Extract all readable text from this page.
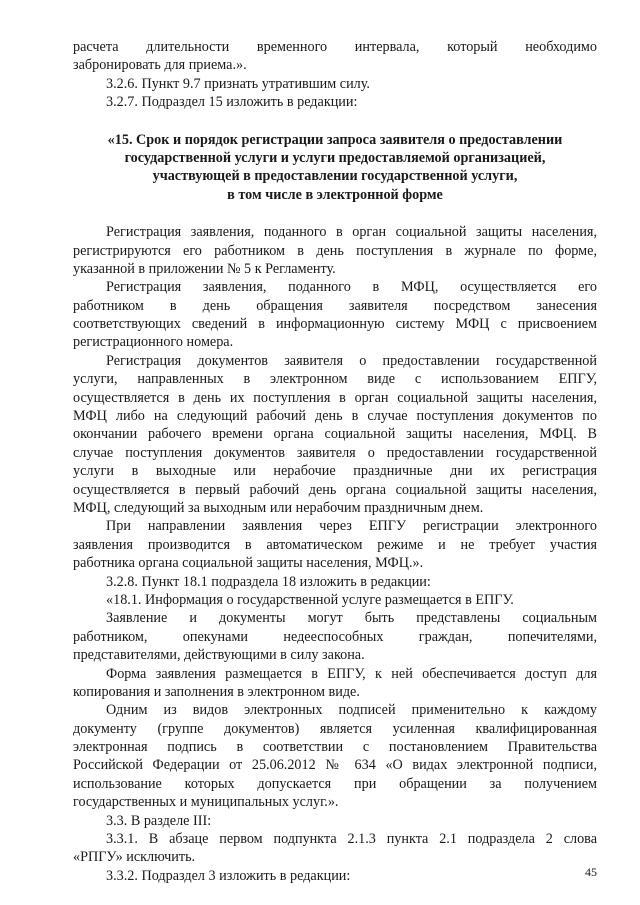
расчета длительности временного интервала, который необходимо
забронировать для приема.».
3.2.6. Пункт 9.7 признать утратившим силу.
3.2.7. Подраздел 15 изложить в редакции:
«15. Срок и порядок регистрации запроса заявителя о предоставлении
государственной услуги и услуги предоставляемой организацией,
участвующей в предоставлении государственной услуги,
в том числе в электронной форме
Регистрация заявления, поданного в орган социальной защиты населения,
регистрируются его работником в день поступления в журнале по форме,
указанной в приложении № 5 к Регламенту.
Регистрация заявления, поданного в МФЦ, осуществляется его
работником в день обращения заявителя посредством занесения
соответствующих сведений в информационную систему МФЦ с присвоением
регистрационного номера.
Регистрация документов заявителя о предоставлении государственной
услуги, направленных в электронном виде с использованием ЕПГУ,
осуществляется в день их поступления в орган социальной защиты населения,
МФЦ либо на следующий рабочий день в случае поступления документов по
окончании рабочего времени органа социальной защиты населения, МФЦ. В
случае поступления документов заявителя о предоставлении государственной
услуги в выходные или нерабочие праздничные дни их регистрация
осуществляется в первый рабочий день органа социальной защиты населения,
МФЦ, следующий за выходным или нерабочим праздничным днем.
При направлении заявления через ЕПГУ регистрации электронного
заявления производится в автоматическом режиме и не требует участия
работника органа социальной защиты населения, МФЦ.».
3.2.8. Пункт 18.1 подраздела 18 изложить в редакции:
«18.1. Информация о государственной услуге размещается в ЕПГУ.
Заявление и документы могут быть представлены социальным
работником, опекунами недееспособных граждан, попечителями,
представителями, действующими в силу закона.
Форма заявления размещается в ЕПГУ, к ней обеспечивается доступ для
копирования и заполнения в электронном виде.
Одним из видов электронных подписей применительно к каждому
документу (группе документов) является усиленная квалифицированная
электронная подпись в соответствии с постановлением Правительства
Российской Федерации от 25.06.2012 № 634 «О видах электронной подписи,
использование которых допускается при обращении за получением
государственных и муниципальных услуг.».
3.3. В разделе III:
3.3.1. В абзаце первом подпункта 2.1.3 пункта 2.1 подраздела 2 слова
«РПГУ» исключить.
3.3.2. Подраздел 3 изложить в редакции:	45
